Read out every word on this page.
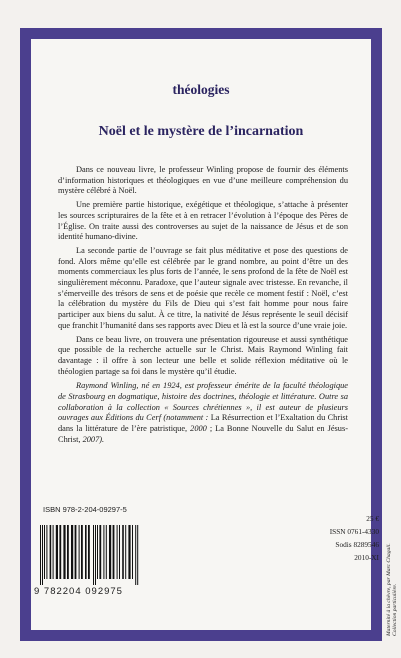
théologies
Noël et le mystère de l’incarnation

Dans ce nouveau livre, le professeur Winling propose de fournir des éléments d’information historiques et théologiques en vue d’une meilleure compréhension du mystère célébré à Noël.

Une première partie historique, exégétique et théologique, s’attache à présenter les sources scripturaires de la fête et à en retracer l’évolution à l’époque des Pères de l’Église. On traite aussi des controverses au sujet de la naissance de Jésus et de son identité humano-divine.

La seconde partie de l’ouvrage se fait plus méditative et pose des questions de fond. Alors même qu’elle est célébrée par le grand nombre, au point d’être un des moments commerciaux les plus forts de l’année, le sens profond de la fête de Noël est singulièrement méconnu. Paradoxe, que l’auteur signale avec tristesse. En revanche, il s’émerveille des trésors de sens et de poésie que recèle ce moment festif : Noël, c’est la célébration du mystère du Fils de Dieu qui s’est fait homme pour nous faire participer aux biens du salut. À ce titre, la nativité de Jésus représente le seuil décisif que franchit l’humanité dans ses rapports avec Dieu et là est la source d’une vraie joie.

Dans ce beau livre, on trouvera une présentation rigoureuse et aussi synthétique que possible de la recherche actuelle sur le Christ. Mais Raymond Winling fait davantage : il offre à son lecteur une belle et solide réflexion méditative où le théologien partage sa foi dans le mystère qu’il étudie.

Raymond Winling, né en 1924, est professeur émérite de la faculté théologique de Strasbourg en dogmatique, histoire des doctrines, théologie et littérature. Outre sa collaboration à la collection « Sources chrétiennes », il est auteur de plusieurs ouvrages aux Éditions du Cerf (notamment : La Résurrection et l’Exaltation du Christ dans la littérature de l’ère patristique, 2000 ; La Bonne Nouvelle du Salut en Jésus-Christ, 2007).

ISBN 978-2-204-09297-5
9 782204 092975
25 €
ISSN 0761-4330
Sodis 8289546
2010-XI Maternité à la chèvre, par Marc Chagall. Collection particulière.
